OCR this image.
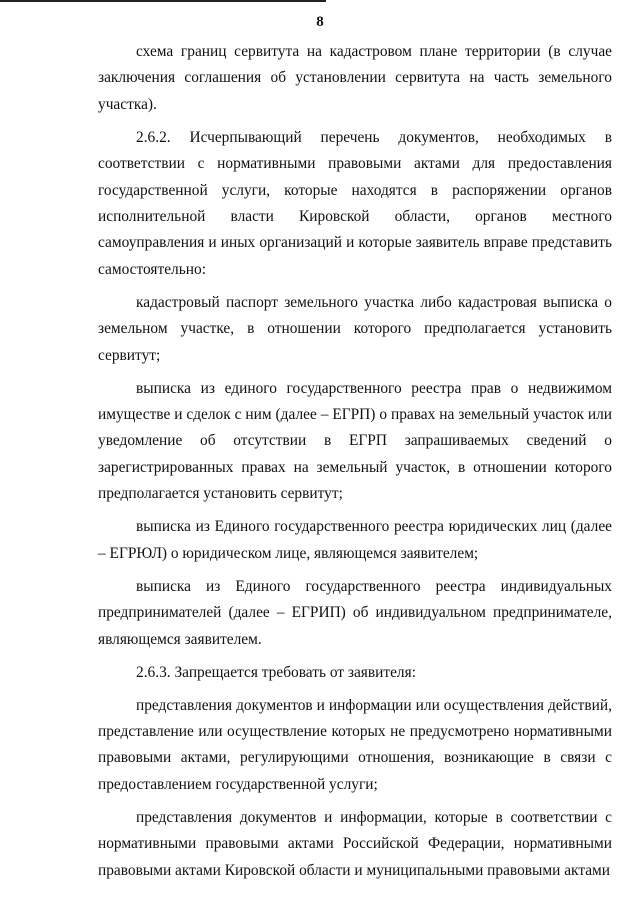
8

схема границ сервитута на кадастровом плане территории (в случае заключения соглашения об установлении сервитута на часть земельного участка).

2.6.2. Исчерпывающий перечень документов, необходимых в соответствии с нормативными правовыми актами для предоставления государственной услуги, которые находятся в распоряжении органов исполнительной власти Кировской области, органов местного самоуправления и иных организаций и которые заявитель вправе представить самостоятельно:

кадастровый паспорт земельного участка либо кадастровая выписка о земельном участке, в отношении которого предполагается установить сервитут;

выписка из единого государственного реестра прав о недвижимом имуществе и сделок с ним (далее – ЕГРП) о правах на земельный участок или уведомление об отсутствии в ЕГРП запрашиваемых сведений о зарегистрированных правах на земельный участок, в отношении которого предполагается установить сервитут;

выписка из Единого государственного реестра юридических лиц (далее – ЕГРЮЛ) о юридическом лице, являющемся заявителем;

выписка из Единого государственного реестра индивидуальных предпринимателей (далее – ЕГРИП) об индивидуальном предпринимателе, являющемся заявителем.

2.6.3. Запрещается требовать от заявителя:

представления документов и информации или осуществления действий, представление или осуществление которых не предусмотрено нормативными правовыми актами, регулирующими отношения, возникающие в связи с предоставлением государственной услуги;

представления документов и информации, которые в соответствии с нормативными правовыми актами Российской Федерации, нормативными правовыми актами Кировской области и муниципальными правовыми актами
